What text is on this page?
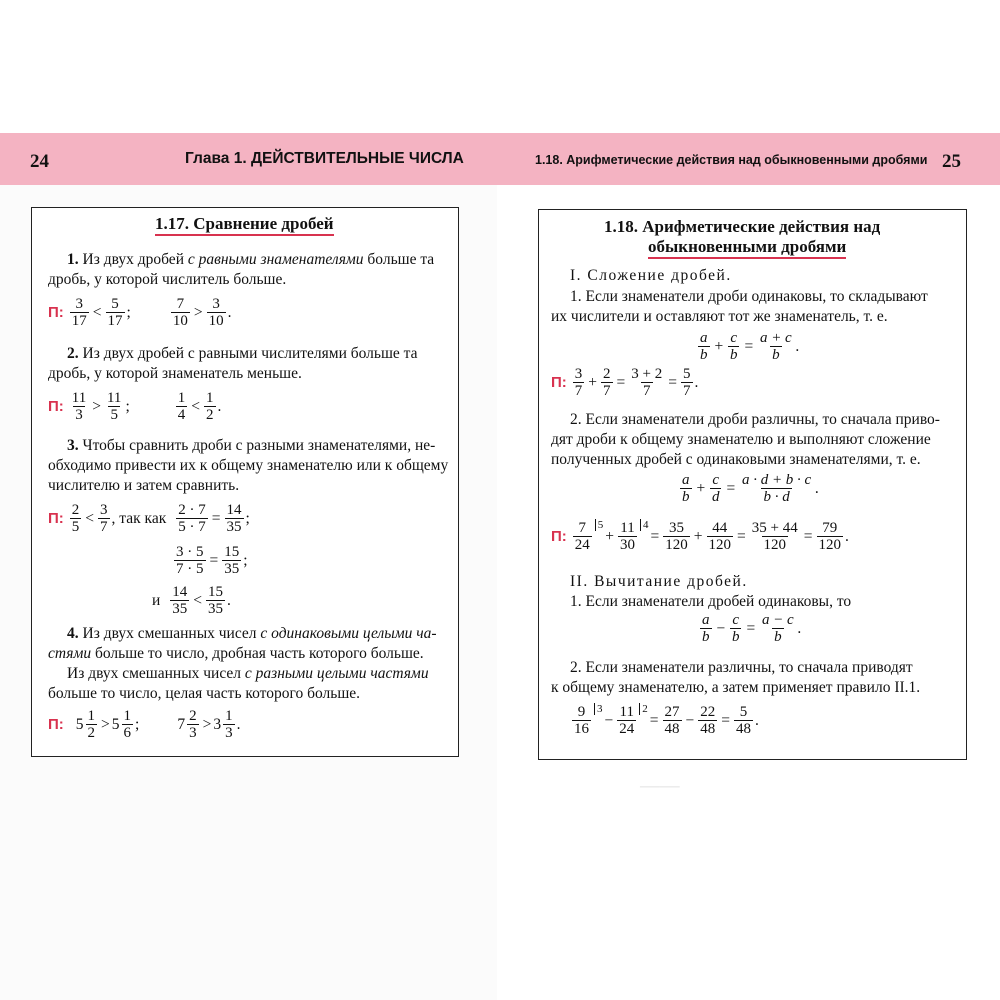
24	Глава 1. ДЕЙСТВИТЕЛЬНЫЕ ЧИСЛА	1.18. Арифметические действия над обыкновенными дробями 25
────
1.17. Сравнение дробей
1. Из двух дробей с равными знаменателями больше та
дробь, у которой числитель больше.
П: 3
17
< 5
17
;	7
10
> 3
10
.
2. Из двух дробей с равными числителями больше та
дробь, у которой знаменатель меньше.
П: 11
3
> 11
5
;	1
4
< 1
2
.
3. Чтобы сравнить дроби с разными знаменателями, не-
обходимо привести их к общему знаменателю или к общему
числителю и затем сравнить.
П: 2
5
< 3
7
, так как $\frac{2 \cdot 7}{5 \cdot 7} = \frac{14}{35}$ ;
$\frac{3 \cdot 5}{7 \cdot 5} = \frac{15}{35}$ ;
и 14
35
< 15
35
.
4. Из двух смешанных чисел с одинаковыми целыми ча-
стями больше то число, дробная часть которого больше.
Из двух смешанных чисел с разными целыми частями
больше то число, целая часть которого больше.
П: 5 1
2
> 5 1
6
; 7 2
3
> 3 1
3
.
1.18. Арифметические действия над
обыкновенными дробями
I. Сложение дробей.
1. Если знаменатели дроби одинаковы, то складывают
их числители и оставляют тот же знаменатель, т. е.
a
b
+ $\frac{c}{b} = \frac{a + c}{b}$ .
П: 3
7
+ $\frac{2}{7} = \frac{3 + 2}{7} = \frac{5}{7}$ .
2. Если знаменатели дроби различны, то сначала приво-
дят дроби к общему знаменателю и выполняют сложение
полученных дробей с одинаковыми знаменателями, т. е.
a
b
+ $\frac{c}{d} = \frac{a \cdot d + b \cdot c}{b \cdot d}$ .
П: 7
24
5
+ $\frac{11}{30} 4$
= $\frac{35}{120} + \frac{44}{120} = \frac{35 + 44}{120} = \frac{79}{120}$ .
II. Вычитание дробей.
1. Если знаменатели дробей одинаковы, то
a
b
− $\frac{c}{b} = \frac{a - c}{b}$ .
2. Если знаменатели различны, то сначала приводят
к общему знаменателю, а затем применяет правило II.1.
9
16
3
− $\frac{11}{24} 2$
= $\frac{27}{48} - \frac{22}{48} = \frac{5}{48}$ .
